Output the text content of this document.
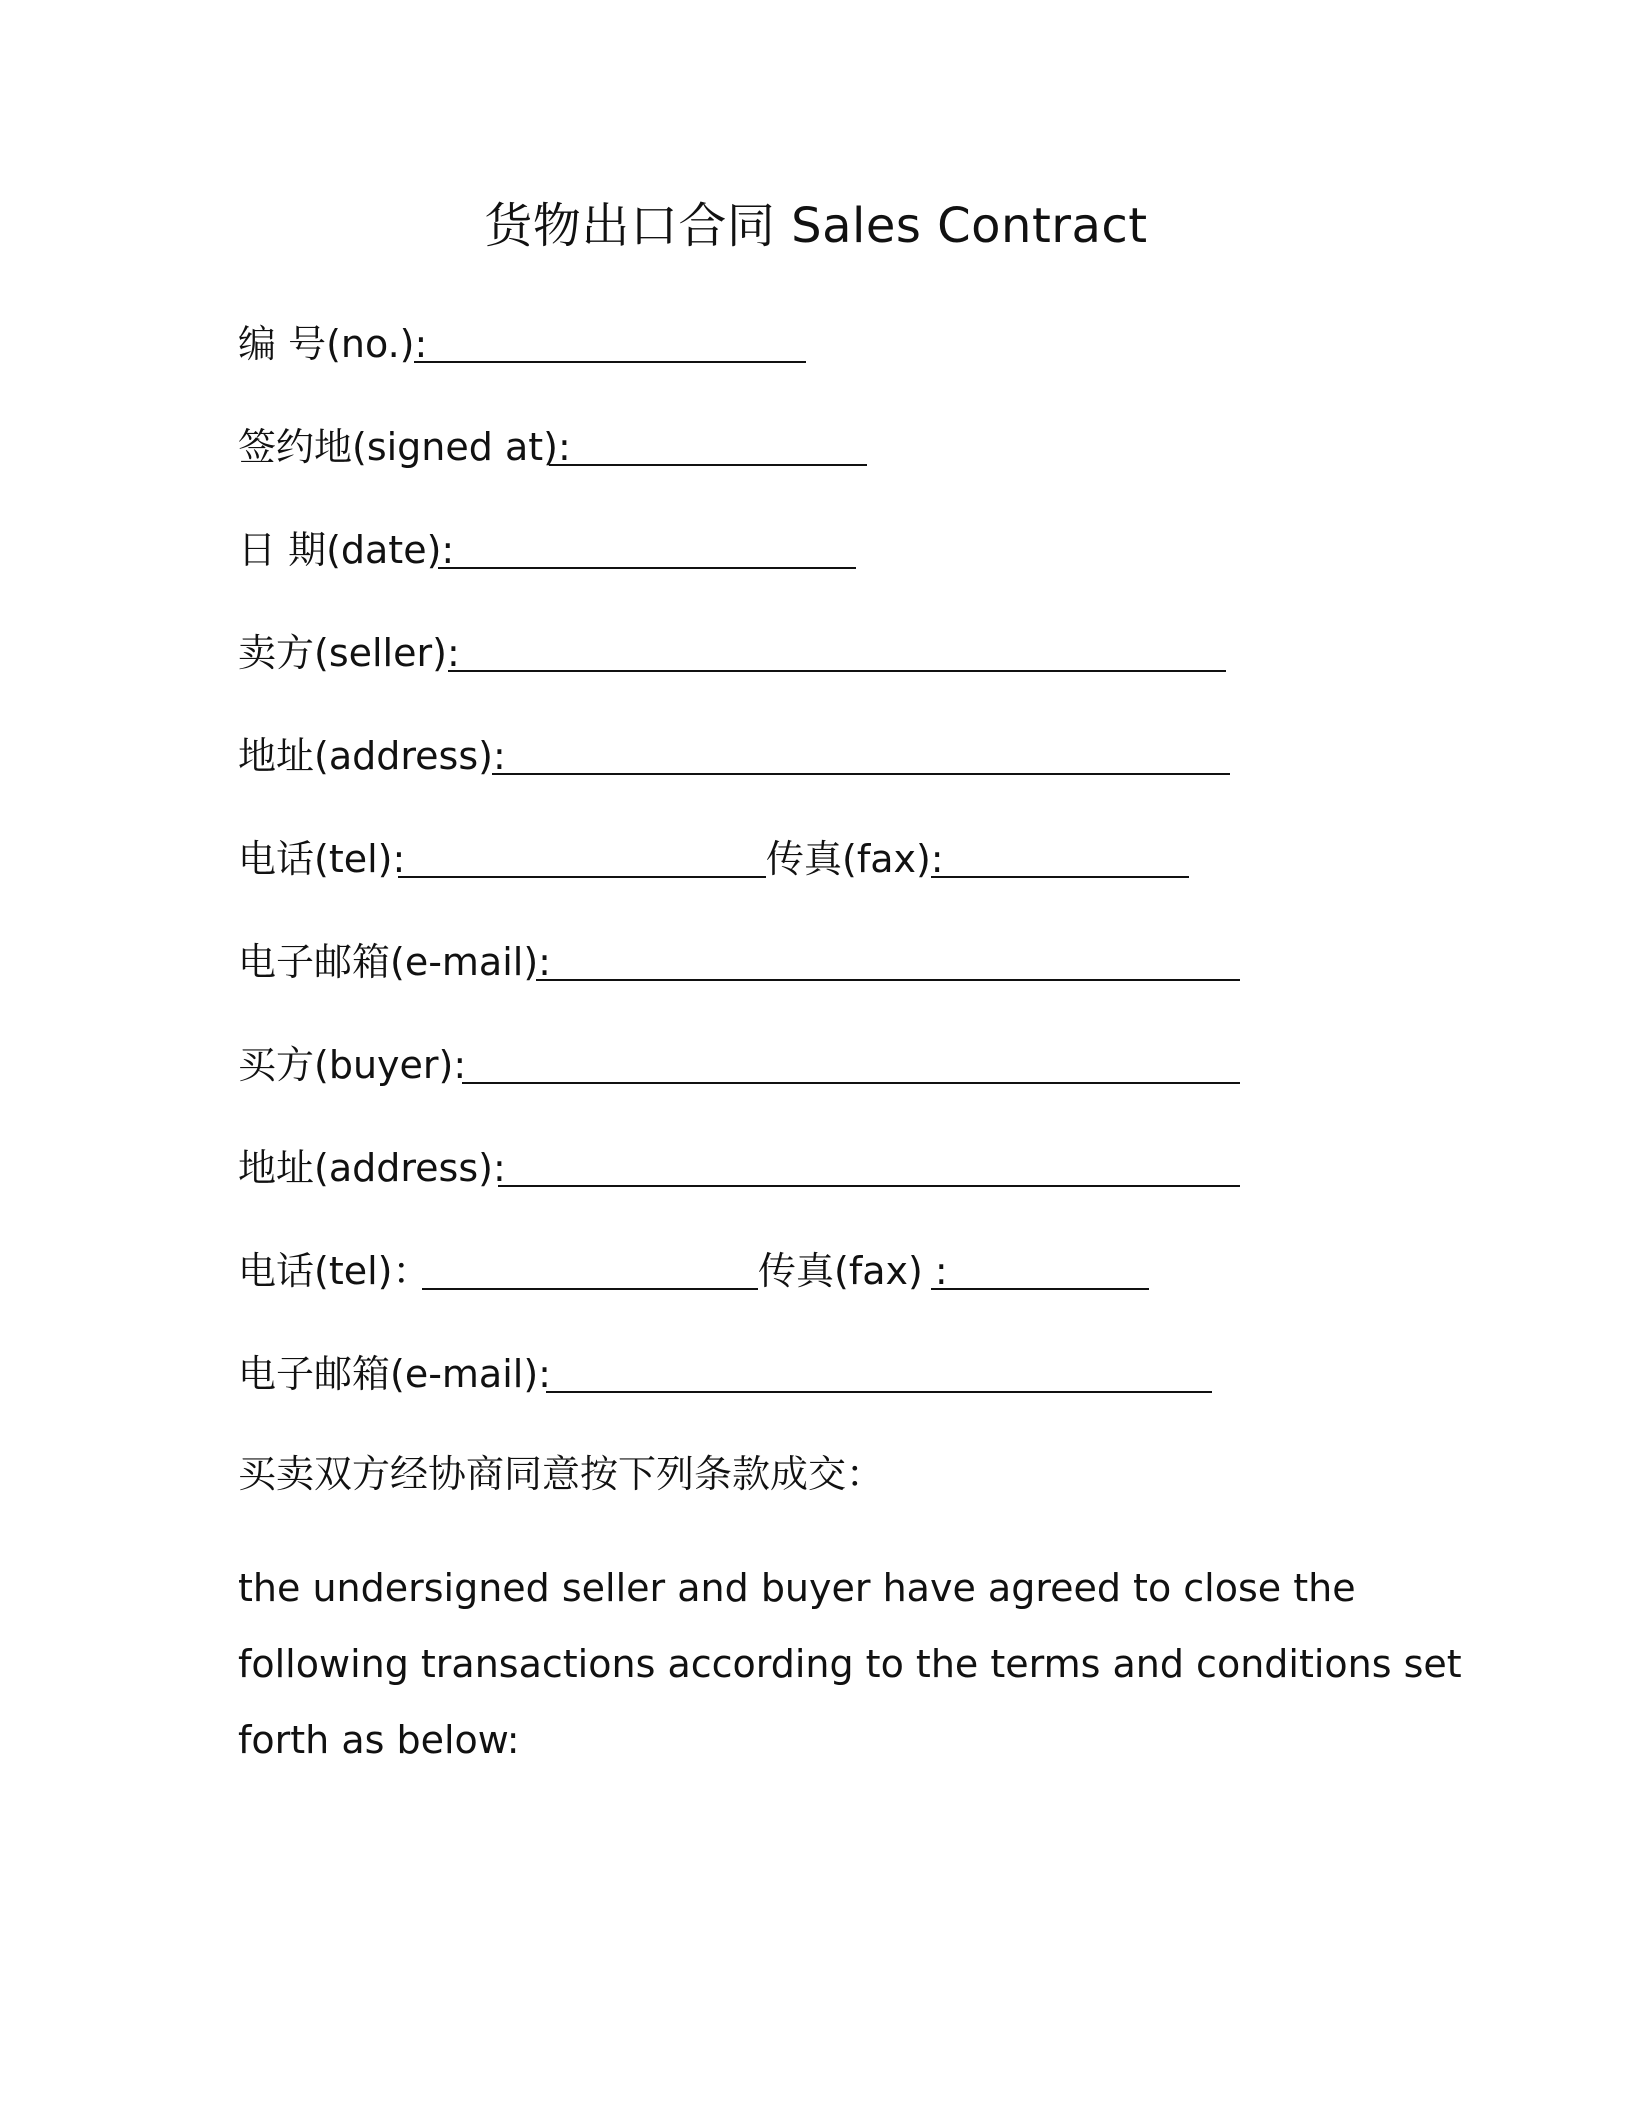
货物出口合同 Sales Contract
编 号(no.):
签约地(signed at):
日 期(date):
卖方(seller):
地址(address):
电话(tel):	传真(fax):
电子邮箱(e-mail):
买方(buyer):
地址(address):
电话(tel)：	传真(fax) :
电子邮箱(e-mail):
买卖双方经协商同意按下列条款成交：
the undersigned seller and buyer have agreed to close the
following transactions according to the terms and conditions set
forth as below:
